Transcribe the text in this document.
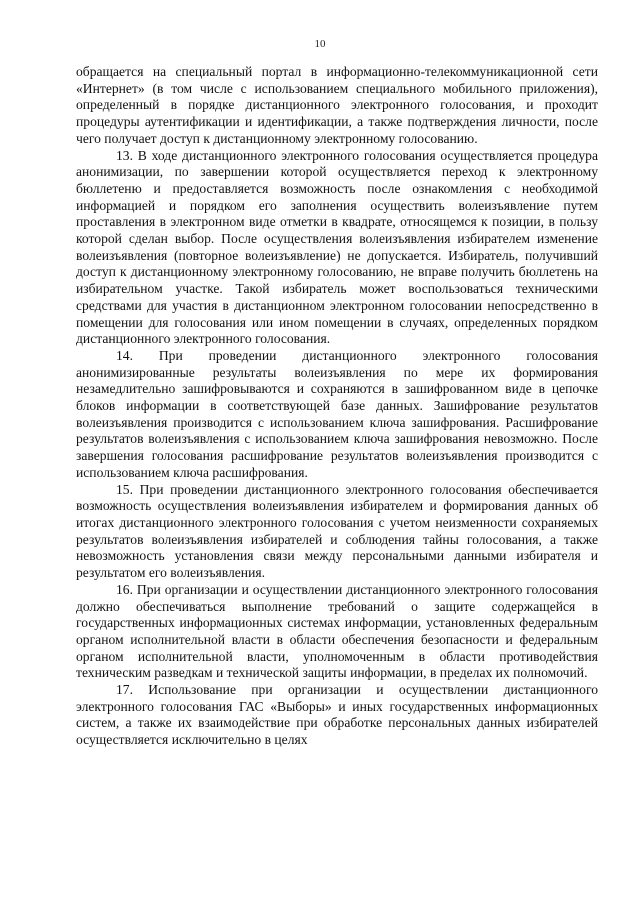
10

обращается на специальный портал в информационно-телекоммуникационной сети «Интернет» (в том числе с использованием специального мобильного приложения), определенный в порядке дистанционного электронного голосования, и проходит процедуры аутентификации и идентификации, а также подтверждения личности, после чего получает доступ к дистанционному электронному голосованию.

13. В ходе дистанционного электронного голосования осуществляется процедура анонимизации, по завершении которой осуществляется переход к электронному бюллетеню и предоставляется возможность после ознакомления с необходимой информацией и порядком его заполнения осуществить волеизъявление путем проставления в электронном виде отметки в квадрате, относящемся к позиции, в пользу которой сделан выбор. После осуществления волеизъявления избирателем изменение волеизъявления (повторное волеизъявление) не допускается. Избиратель, получивший доступ к дистанционному электронному голосованию, не вправе получить бюллетень на избирательном участке. Такой избиратель может воспользоваться техническими средствами для участия в дистанционном электронном голосовании непосредственно в помещении для голосования или ином помещении в случаях, определенных порядком дистанционного электронного голосования.

14. При проведении дистанционного электронного голосования анонимизированные результаты волеизъявления по мере их формирования незамедлительно зашифровываются и сохраняются в зашифрованном виде в цепочке блоков информации в соответствующей базе данных. Зашифрование результатов волеизъявления производится с использованием ключа зашифрования. Расшифрование результатов волеизъявления с использованием ключа зашифрования невозможно. После завершения голосования расшифрование результатов волеизъявления производится с использованием ключа расшифрования.

15. При проведении дистанционного электронного голосования обеспечивается возможность осуществления волеизъявления избирателем и формирования данных об итогах дистанционного электронного голосования с учетом неизменности сохраняемых результатов волеизъявления избирателей и соблюдения тайны голосования, а также невозможность установления связи между персональными данными избирателя и результатом его волеизъявления.

16. При организации и осуществлении дистанционного электронного голосования должно обеспечиваться выполнение требований о защите содержащейся в государственных информационных системах информации, установленных федеральным органом исполнительной власти в области обеспечения безопасности и федеральным органом исполнительной власти, уполномоченным в области противодействия техническим разведкам и технической защиты информации, в пределах их полномочий.

17. Использование при организации и осуществлении дистанционного электронного голосования ГАС «Выборы» и иных государственных информационных систем, а также их взаимодействие при обработке персональных данных избирателей осуществляется исключительно в целях
